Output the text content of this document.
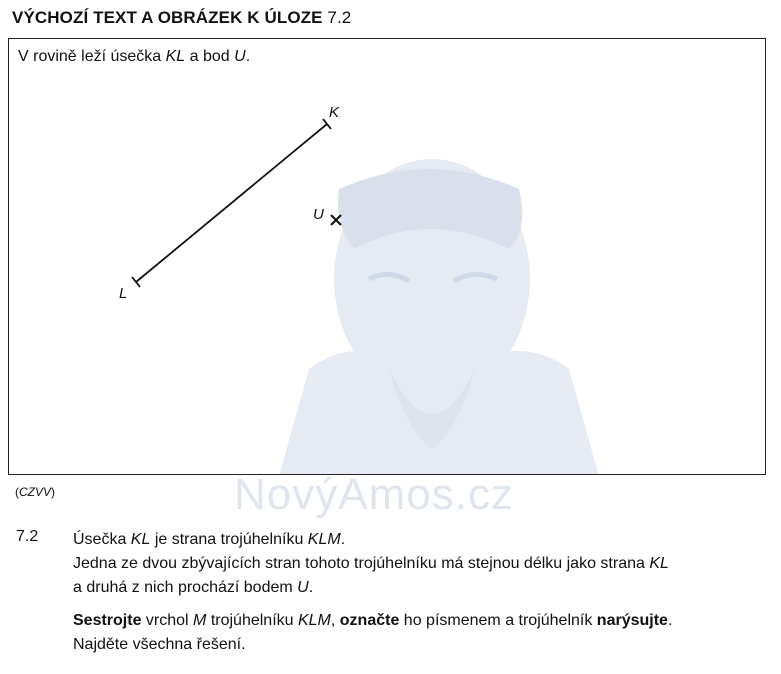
VÝCHOZÍ TEXT A OBRÁZEK K ÚLOZE 7.2
V rovině leží úsečka KL a bod U.
K
L
U
(CZVV)	NovýAmos.cz
7.2 Úsečka KL je strana trojúhelníku KLM.

Jedna ze dvou zbývajících stran tohoto trojúhelníku má stejnou délku jako strana KL

a druhá z nich prochází bodem U.

Sestrojte vrchol M trojúhelníku KLM, označte ho písmenem a trojúhelník narýsujte.

Najděte všechna řešení.
